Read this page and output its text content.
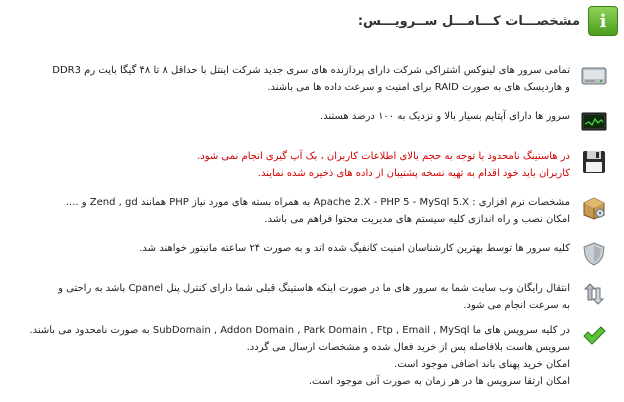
i
مشخصـــات کـــامـــل ســرویـــس:
تمامی سرور های لینوکس اشتراکی شرکت دارای پردازنده های سری جدید شرکت اینتل با حداقل ۸ تا ۴۸ گیگا بایت رم DDR3
و هاردیسک های به صورت RAID برای امنیت و سرعت داده ها می باشند.
سرور ها دارای آپتایم بسیار بالا و نزدیک به ۱۰۰ درصد هستند.
در هاستینگ نامحدود با توجه به حجم بالای اطلاعات کاربران ، بک آپ گیری انجام نمی شود.
کاربران باید خود اقدام به تهیه نسخه پشتیبان از داده های ذخیره شده نمایند.
مشخصات نرم افزاری : Apache 2.X - PHP 5 - MySql 5.X به همراه بسته های مورد نیاز PHP همانند Zend , gd و ....
امکان نصب و راه اندازی کلیه سیستم های مدیریت محتوا فراهم می باشد.
کلیه سرور ها توسط بهترین کارشناسان امنیت کانفیگ شده اند و به صورت ۲۴ ساعته مانیتور خواهند شد.
انتقال رایگان وب سایت شما به سرور های ما در صورت اینکه هاستینگ قبلی شما دارای کنترل پنل Cpanel باشد به راحتی و
به سرعت انجام می شود.
در کلیه سرویس های ما SubDomain , Addon Domain , Park Domain , Ftp , Email , MySql به صورت نامحدود می باشند.
سرویس هاست بلافاصله پس از خرید فعال شده و مشخصات ارسال می گردد.
امکان خرید پهنای باند اضافی موجود است.
امکان ارتقا سرویس ها در هر زمان به صورت آنی موجود است.
